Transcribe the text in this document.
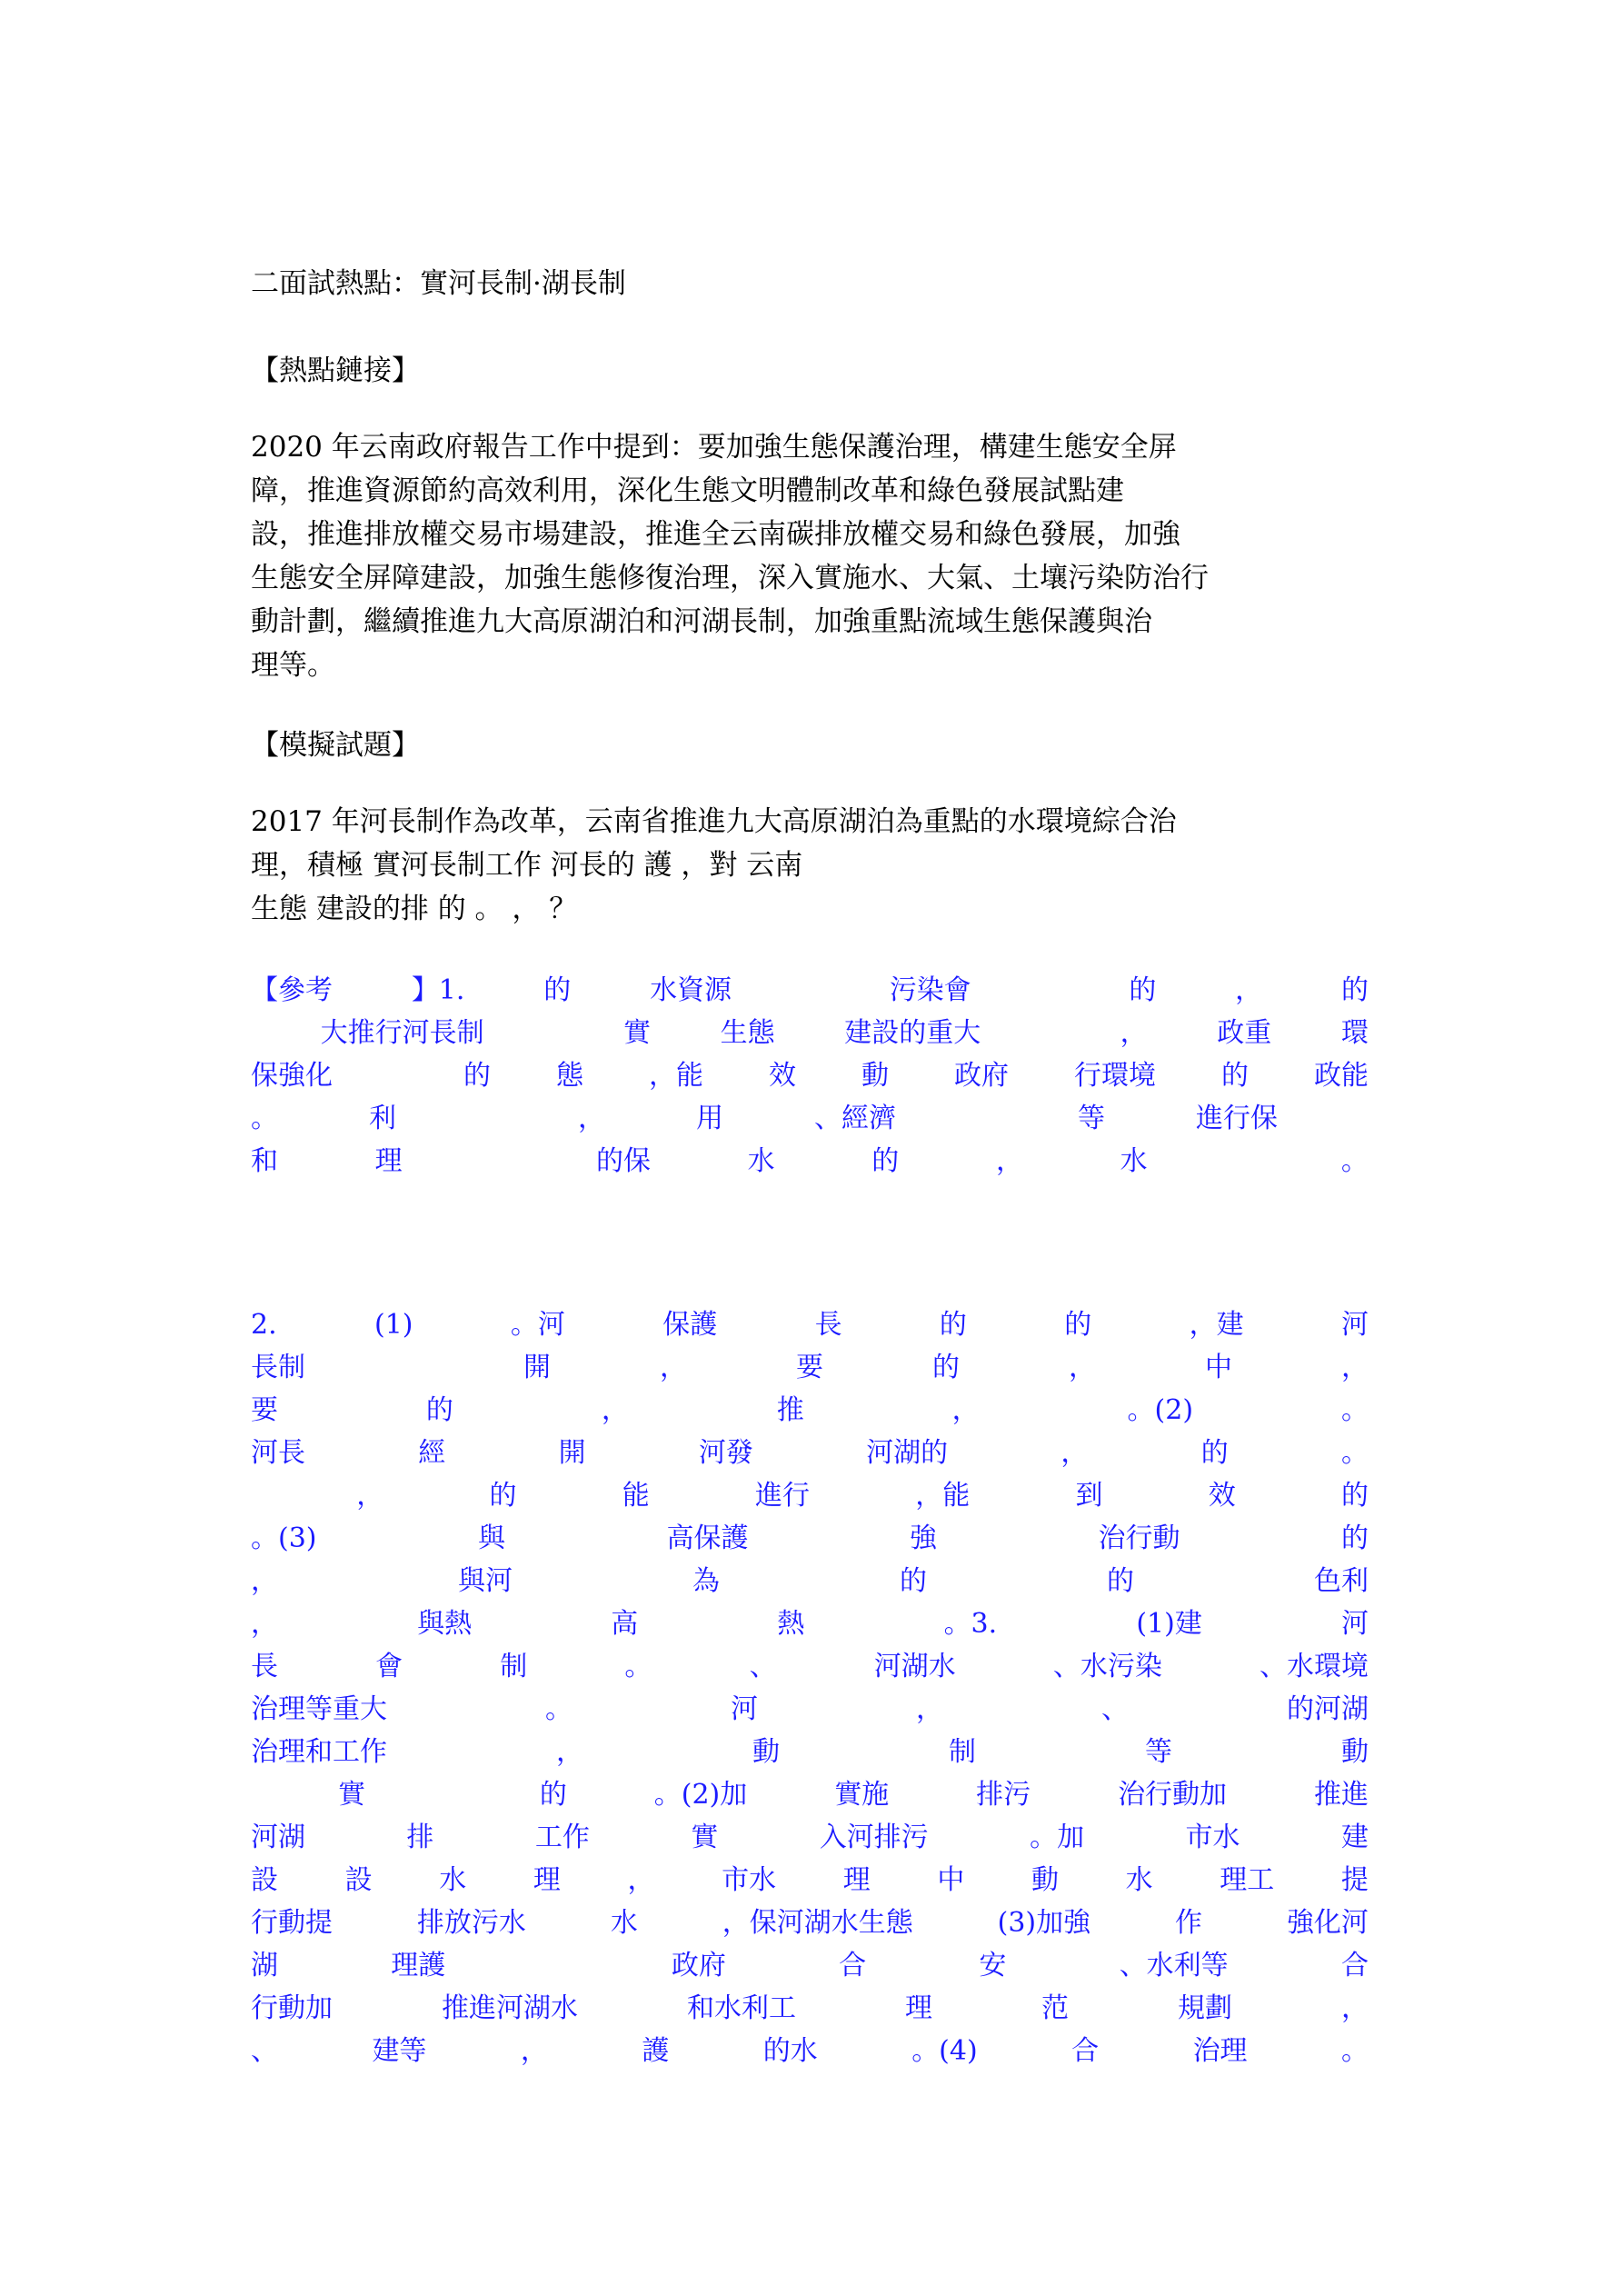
二面試熱點：實河長制·湖長制
【熱點鏈接】
2020 年云南政府報告工作中提到：要加強生態保護治理，構建生態安全屏
障，推進資源節約高效利用，深化生態文明體制改革和綠色發展試點建
設，推進排放權交易市場建設，推進全云南碳排放權交易和綠色發展，加強
生態安全屏障建設，加強生態修復治理，深入實施水、大氣、土壤污染防治行
動計劃，繼續推進九大高原湖泊和河湖長制，加強重點流域生態保護與治
理等。
【模擬試題】
2017 年河長制作為改革，云南省推進九大高原湖泊為重點的水環境綜合治
理，積極 實河長制工作 河長的 護 ，對 云南
生態 建設的排 的 。 ， ？
【參考	】1.	的	水資源	污染會	的	，	的
大推行河長制	實	生態	建設的重大	，	政重	環
保強化	的 態 ，能 效 動 政府 行環境 的 政能
。	利	，	用	、經濟	等	進行保
和	理	的保	水	的	，	水	。
2.	(1)	。河	保護	長	的	的	，建	河
長制	開	，	要	的	，	中	，
要	的	，	推	，	。(2)	。
河長	經	開	河發	河湖的	，	的	。
，	的	能	進行	，能	到	效	的
。(3)	與	高保護	強	治行動	的
，	與河	為	的	的	色利
，	與熱	高	熱	。3.	(1)建	河
長	會	制	。	、	河湖水	、水污染	、水環境
治理等重大	。	河	，	、	的河湖
治理和工作	，	動	制	等	動
實	的	。(2)加	實施	排污	治行動加	推進
河湖	排	工作	實	入河排污	。加	市水	建
設 設 水 理 ， 市水 理 中 動 水 理工 提
行動提	排放污水	水	，保河湖水生態	(3)加強	作	強化河
湖	理護	政府	合	安	、水利等	合
行動加	推進河湖水	和水利工	理	范	規劃	，
、	建等	，	護	的水	。(4)	合	治理	。
